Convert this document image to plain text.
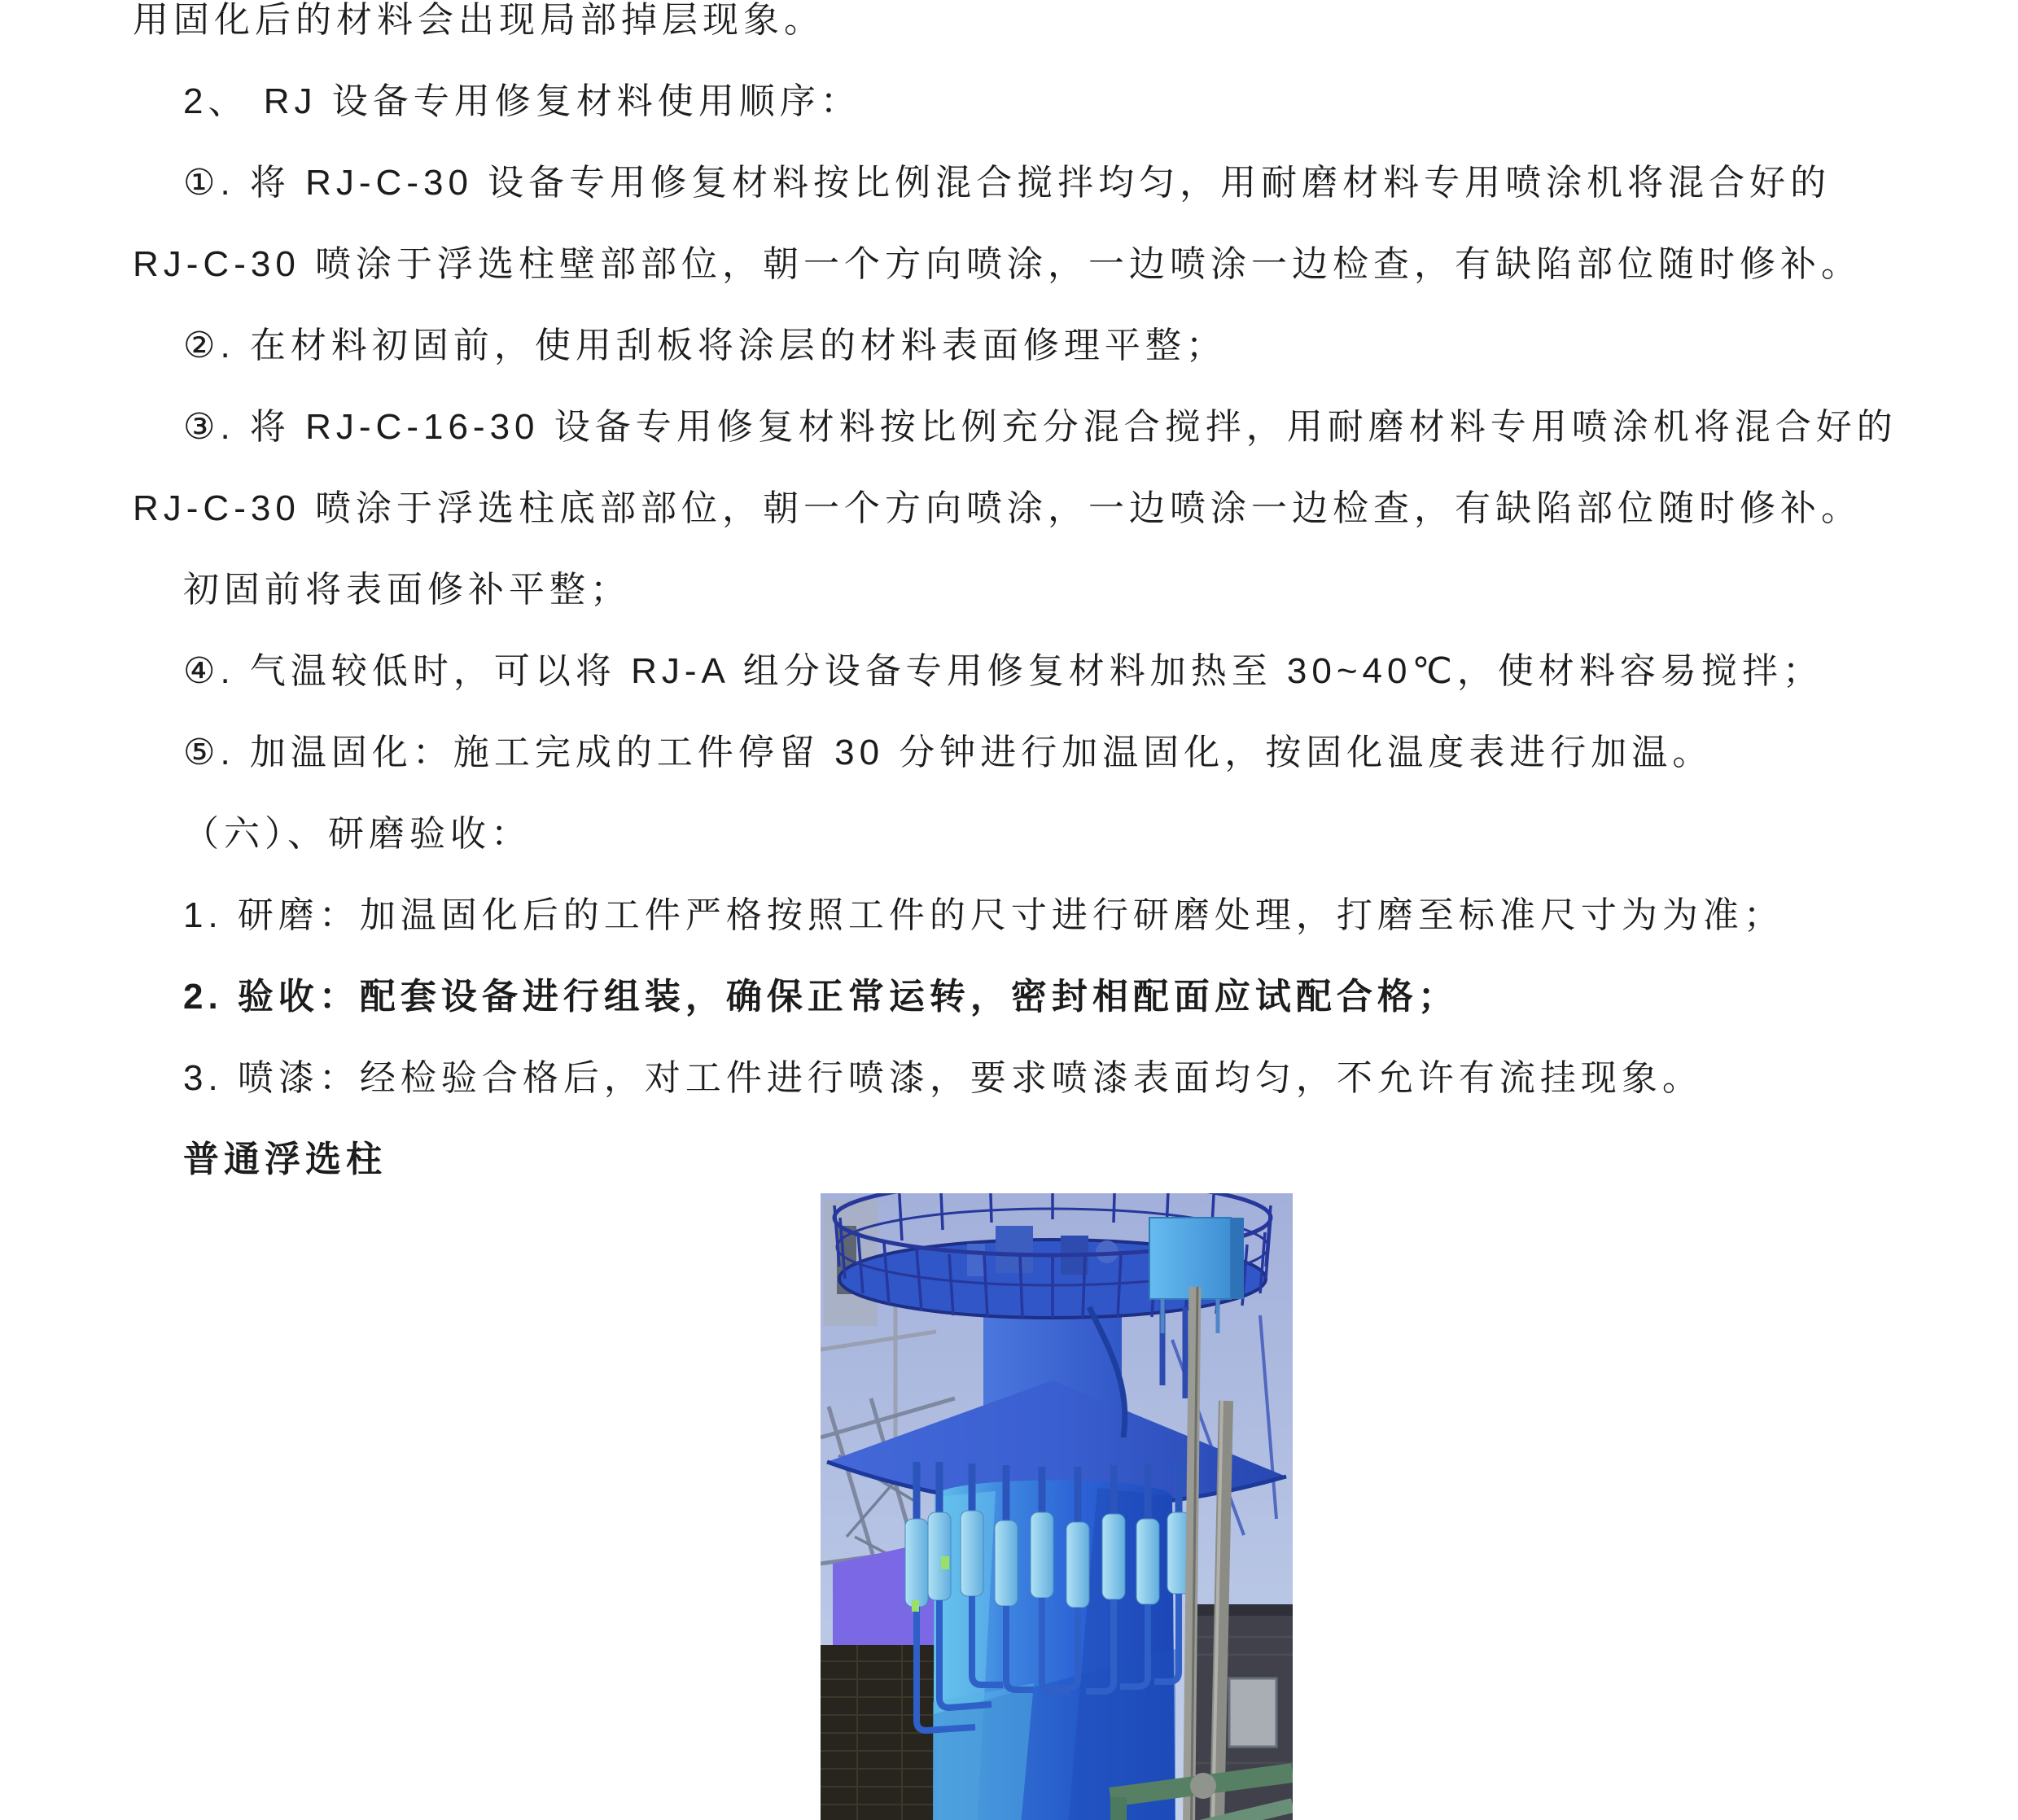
用固化后的材料会出现局部掉层现象。

2、 RJ 设备专用修复材料使用顺序：

①. 将 RJ-C-30 设备专用修复材料按比例混合搅拌均匀，用耐磨材料专用喷涂机将混合好的

RJ-C-30 喷涂于浮选柱壁部部位，朝一个方向喷涂，一边喷涂一边检查，有缺陷部位随时修补。

②. 在材料初固前，使用刮板将涂层的材料表面修理平整；

③. 将 RJ-C-16-30 设备专用修复材料按比例充分混合搅拌，用耐磨材料专用喷涂机将混合好的

RJ-C-30 喷涂于浮选柱底部部位，朝一个方向喷涂，一边喷涂一边检查，有缺陷部位随时修补。

初固前将表面修补平整；

④. 气温较低时，可以将 RJ-A 组分设备专用修复材料加热至 30~40℃，使材料容易搅拌；

⑤. 加温固化：施工完成的工件停留 30 分钟进行加温固化，按固化温度表进行加温。

（六）、研磨验收：

1. 研磨：加温固化后的工件严格按照工件的尺寸进行研磨处理，打磨至标准尺寸为为准；

2. 验收：配套设备进行组装，确保正常运转，密封相配面应试配合格；

3. 喷漆：经检验合格后，对工件进行喷漆，要求喷漆表面均匀，不允许有流挂现象。

普通浮选柱
